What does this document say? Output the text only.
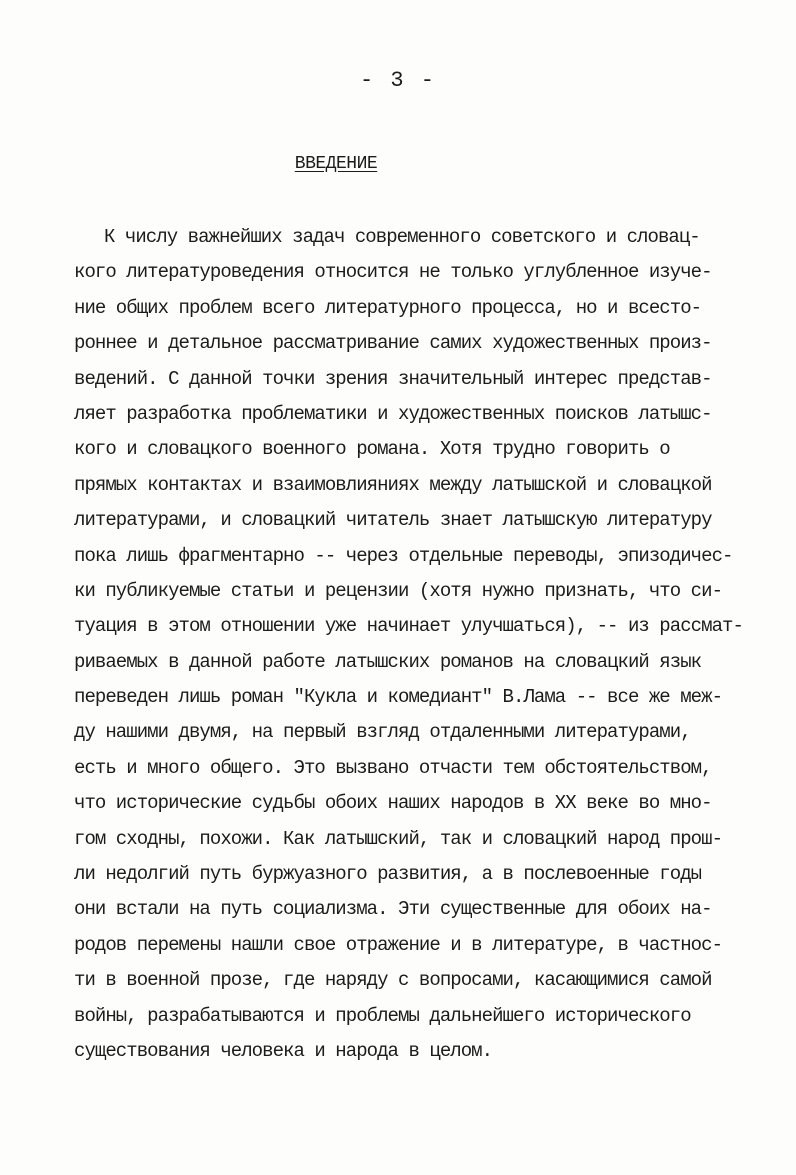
- 3 -
ВВЕДЕНИЕ
К числу важнейших задач современного советского и словац-
кого литературоведения относится не только углубленное изуче-
ние общих проблем всего литературного процесса, но и всесто-
роннее и детальное рассматривание самих художественных произ-
ведений. С данной точки зрения значительный интерес представ-
ляет разработка проблематики и художественных поисков латышс-
кого и словацкого военного романа. Хотя трудно говорить о
прямых контактах и взаимовлияниях между латышской и словацкой
литературами, и словацкий читатель знает латышскую литературу
пока лишь фрагментарно -- через отдельные переводы, эпизодичес-
ки публикуемые статьи и рецензии (хотя нужно признать, что си-
туация в этом отношении уже начинает улучшаться), -- из рассмат-
риваемых в данной работе латышских романов на словацкий язык
переведен лишь роман "Кукла и комедиант" В.Лама -- все же меж-
ду нашими двумя, на первый взгляд отдаленными литературами,
есть и много общего. Это вызвано отчасти тем обстоятельством,
что исторические судьбы обоих наших народов в XX веке во мно-
гом сходны, похожи. Как латышский, так и словацкий народ прош-
ли недолгий путь буржуазного развития, а в послевоенные годы
они встали на путь социализма. Эти существенные для обоих на-
родов перемены нашли свое отражение и в литературе, в частнос-
ти в военной прозе, где наряду с вопросами, касающимися самой
войны, разрабатываются и проблемы дальнейшего исторического
существования человека и народа в целом.
